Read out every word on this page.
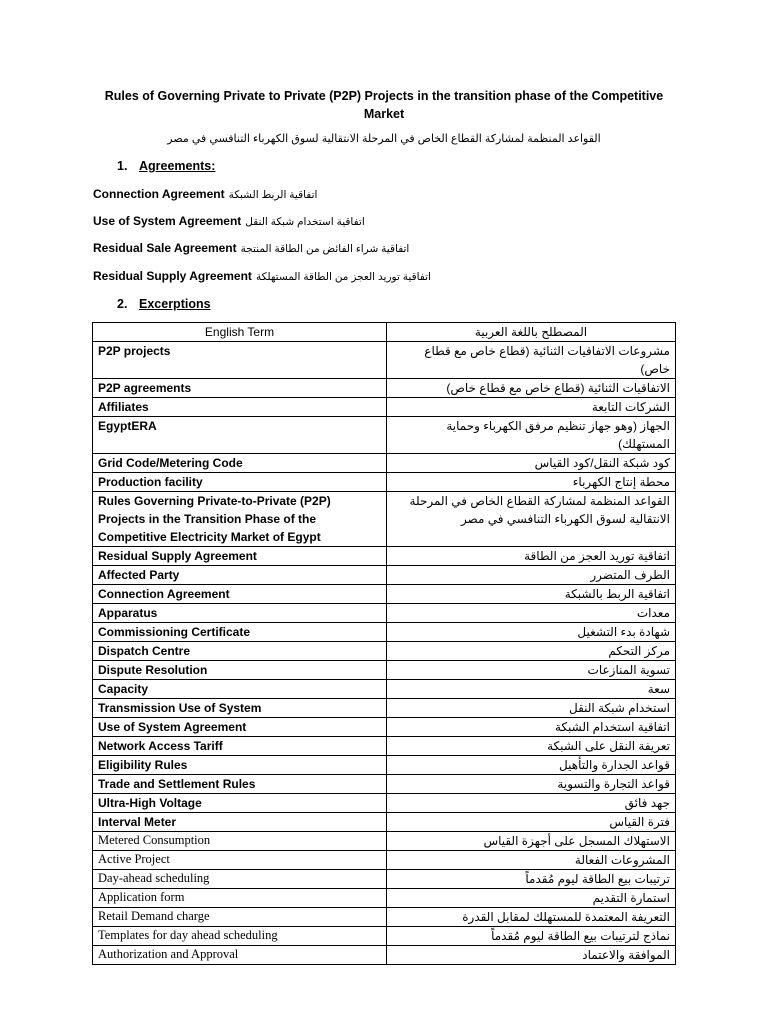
Rules of Governing Private to Private (P2P) Projects in the transition phase of the Competitive Market
القواعد المنظمة لمشاركة القطاع الخاص في المرحلة الانتقالية لسوق الكهرباء التنافسي في مصر
1. Agreements:
Connection Agreement اتفاقية الربط الشبكة
Use of System Agreement اتفاقية استخدام شبكة النقل
Residual Sale Agreement اتفاقية شراء الفائض من الطاقة المنتجة
Residual Supply Agreement اتفاقية توريد العجز من الطاقة المستهلكة
2. Excerptions
English Term	المصطلح باللغة العربية
P2P projects	مشروعات الاتفاقيات الثنائية (قطاع خاص مع قطاع خاص)
P2P agreements	الاتفاقيات الثنائية (قطاع خاص مع قطاع خاص)
Affiliates	الشركات التابعة
EgyptERA	الجهاز (وهو جهاز تنظيم مرفق الكهرباء وحماية المستهلك)
Grid Code/Metering Code	كود شبكة النقل/كود القياس
Production facility	محطة إنتاج الكهرباء
Rules Governing Private-to-Private (P2P) Projects in the Transition Phase of the Competitive Electricity Market of Egypt	القواعد المنظمة لمشاركة القطاع الخاص في المرحلة الانتقالية لسوق الكهرباء التنافسي في مصر
Residual Supply Agreement	اتفاقية توريد العجز من الطاقة
Affected Party	الطرف المتضرر
Connection Agreement	اتفاقية الربط بالشبكة
Apparatus	معدات
Commissioning Certificate	شهادة بدء التشغيل
Dispatch Centre	مركز التحكم
Dispute Resolution	تسوية المنازعات
Capacity	سعة
Transmission Use of System	استخدام شبكة النقل
Use of System Agreement	اتفاقية استخدام الشبكة
Network Access Tariff	تعريفة النقل على الشبكة
Eligibility Rules	قواعد الجدارة والتأهيل
Trade and Settlement Rules	قواعد التجارة والتسوية
Ultra-High Voltage	جهد فائق
Interval Meter	فترة القياس
Metered Consumption	الاستهلاك المسجل على أجهزة القياس
Active Project	المشروعات الفعالة
Day-ahead scheduling	ترتيبات بيع الطاقة ليوم مُقدماً
Application form	استمارة التقديم
Retail Demand charge	التعريفة المعتمدة للمستهلك لمقابل القدرة
Templates for day ahead scheduling	نماذج لترتيبات بيع الطاقة ليوم مُقدماً
Authorization and Approval	الموافقة والاعتماد
